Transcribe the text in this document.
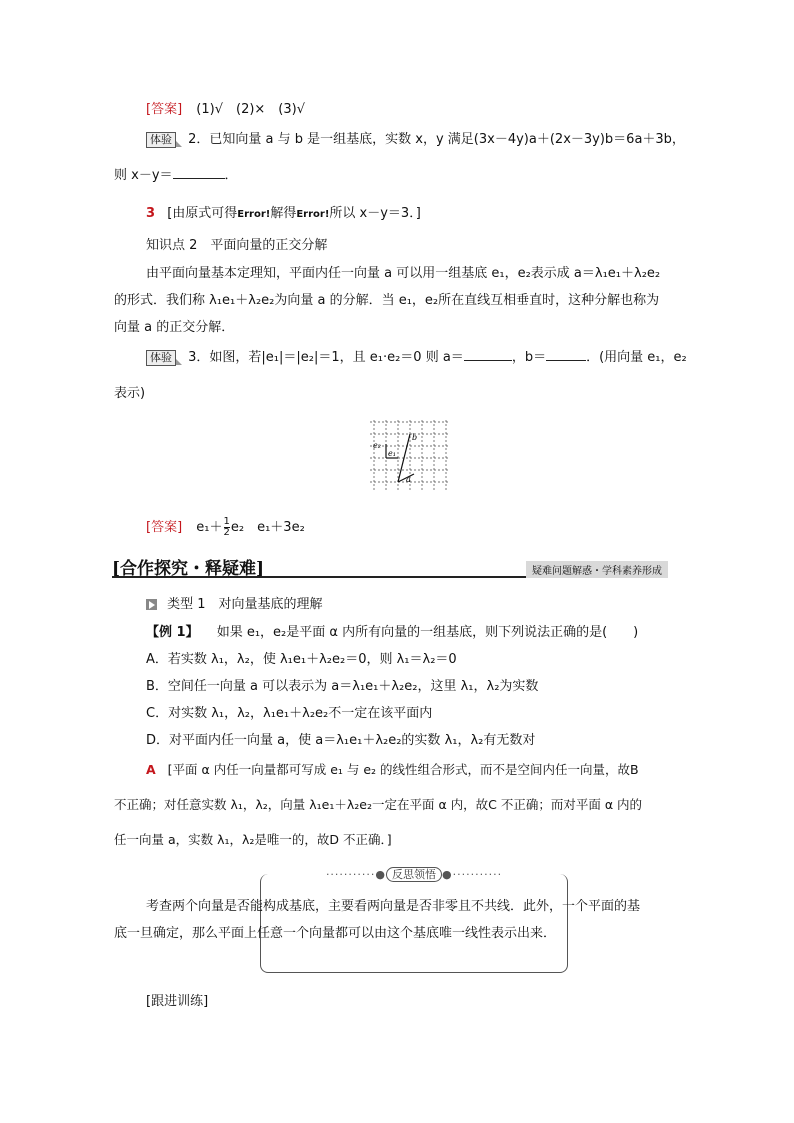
[答案] (1)√　(2)×　(3)√
体验 2．已知向量 a 与 b 是一组基底，实数 x，y 满足(3x－4y)a＋(2x－3y)b＝6a＋3b，
则 x－y＝	．
3 [由原式可得Error!解得Error!所以 x－y＝3．]
知识点 2　平面向量的正交分解
由平面向量基本定理知，平面内任一向量 a 可以用一组基底 e₁，e₂表示成 a＝λ₁e₁＋λ₂e₂
的形式．我们称 λ₁e₁＋λ₂e₂为向量 a 的分解．当 e₁，e₂所在直线互相垂直时，这种分解也称为
向量 a 的正交分解．
体验 3．如图，若|e₁|＝|e₂|＝1，且 e₁·e₂＝0 则 a＝	，b＝	．(用向量 e₁，e₂
表示)
e₂
e₁
b
a
[答案] $e_1+ \frac{1}{2} e_2$　e₁＋3e₂
[合作探究・释疑难]	疑难问题解惑・学科素养形成
类型 1　对向量基底的理解
【例 1】 如果 e₁，e₂是平面 α 内所有向量的一组基底，则下列说法正确的是(　　)
A．若实数 λ₁，λ₂，使 λ₁e₁＋λ₂e₂＝0，则 λ₁＝λ₂＝0
B．空间任一向量 a 可以表示为 a＝λ₁e₁＋λ₂e₂，这里 λ₁，λ₂为实数
C．对实数 λ₁，λ₂，λ₁e₁＋λ₂e₂不一定在该平面内
D．对平面内任一向量 a，使 a＝λ₁e₁＋λ₂e₂的实数 λ₁，λ₂有无数对
A [平面 α 内任一向量都可写成 e₁ 与 e₂ 的线性组合形式，而不是空间内任一向量，故B
不正确；对任意实数 λ₁，λ₂，向量 λ₁e₁＋λ₂e₂一定在平面 α 内，故C 不正确；而对平面 α 内的
任一向量 a，实数 λ₁，λ₂是唯一的，故D 不正确．]
···········● 反思领悟 ●···········
考查两个向量是否能构成基底，主要看两向量是否非零且不共线．此外，一个平面的基
底一旦确定，那么平面上任意一个向量都可以由这个基底唯一线性表示出来．
[跟进训练]
